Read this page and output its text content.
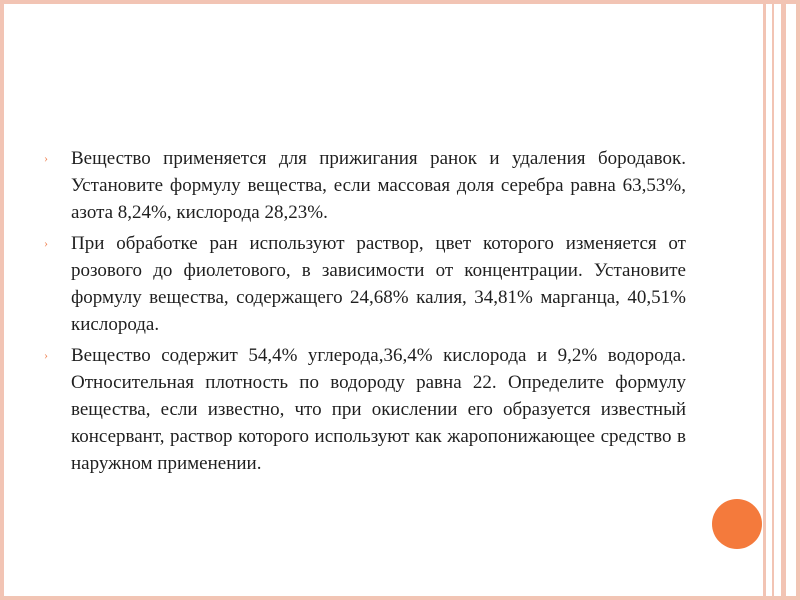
› Вещество применяется для прижигания ранок и удаления бородавок. Установите формулу вещества, если массовая доля серебра равна 63,53%, азота 8,24%, кислорода 28,23%.
› При обработке ран используют раствор, цвет которого изменяется от розового до фиолетового, в зависимости от концентрации. Установите формулу вещества, содержащего 24,68% калия, 34,81% марганца, 40,51% кислорода.
› Вещество содержит 54,4% углерода,36,4% кислорода и 9,2% водорода. Относительная плотность по водороду равна 22. Определите формулу вещества, если известно, что при окислении его образуется известный консервант, раствор которого используют как жаропонижающее средство в наружном применении.
